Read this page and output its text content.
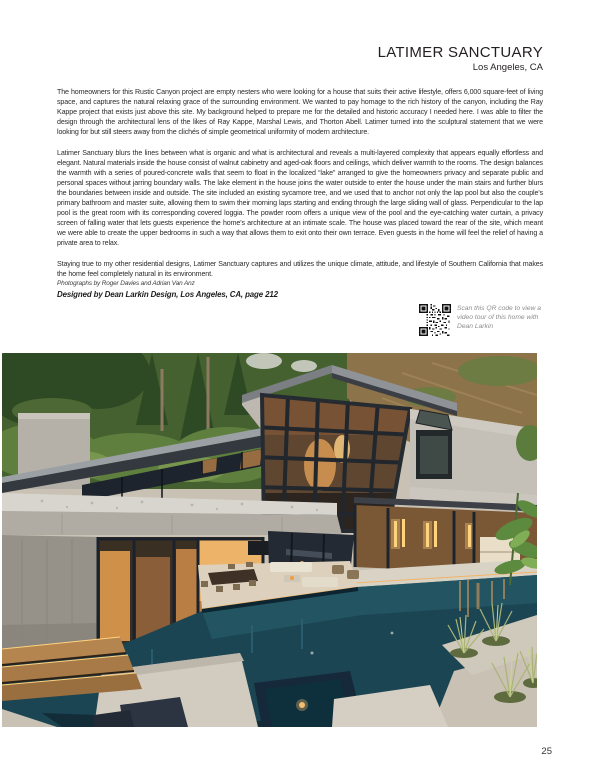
LATIMER SANCTUARY
Los Angeles, CA

The homeowners for this Rustic Canyon project are empty nesters who were looking for a house that suits their active lifestyle, offers 6,000 square-feet of living space, and captures the natural relaxing grace of the surrounding environment. We wanted to pay homage to the rich history of the canyon, including the Ray Kappe project that exists just above this site. My background helped to prepare me for the detailed and historic accuracy I needed here. I was able to filter the design through the architectural lens of the likes of Ray Kappe, Marshal Lewis, and Thorton Abell. Latimer turned into the sculptural statement that we were looking for but still steers away from the clichés of simple geometrical uniformity of modern architecture.

Latimer Sanctuary blurs the lines between what is organic and what is architectural and reveals a multi-layered complexity that appears equally effortless and elegant. Natural materials inside the house consist of walnut cabinetry and aged-oak floors and ceilings, which deliver warmth to the rooms. The design balances the warmth with a series of poured-concrete walls that seem to float in the localized “lake” arranged to give the homeowners privacy and separate public and personal spaces without jarring boundary walls. The lake element in the house joins the water outside to enter the house under the main stairs and further blurs the boundaries between inside and outside. The site included an existing sycamore tree, and we used that to anchor not only the lap pool but also the couple's primary bathroom and master suite, allowing them to swim their morning laps starting and ending through the large sliding wall of glass. Perpendicular to the lap pool is the great room with its corresponding covered loggia. The powder room offers a unique view of the pool and the eye-catching water curtain, a privacy screen of falling water that lets guests experience the home's architecture at an intimate scale. The house was placed toward the rear of the site, which meant we were able to create the upper bedrooms in such a way that allows them to exit onto their own terrace. Even guests in the home will feel the relief of having a private area to relax.

Staying true to my other residential designs, Latimer Sanctuary captures and utilizes the unique climate, attitude, and lifestyle of Southern California that makes the home feel completely natural in its environment.

Photographs by Roger Davies and Adrian Van Anz

Designed by Dean Larkin Design, Los Angeles, CA, page 212

Scan this QR code to view a video tour of this home with Dean Larkin
25
